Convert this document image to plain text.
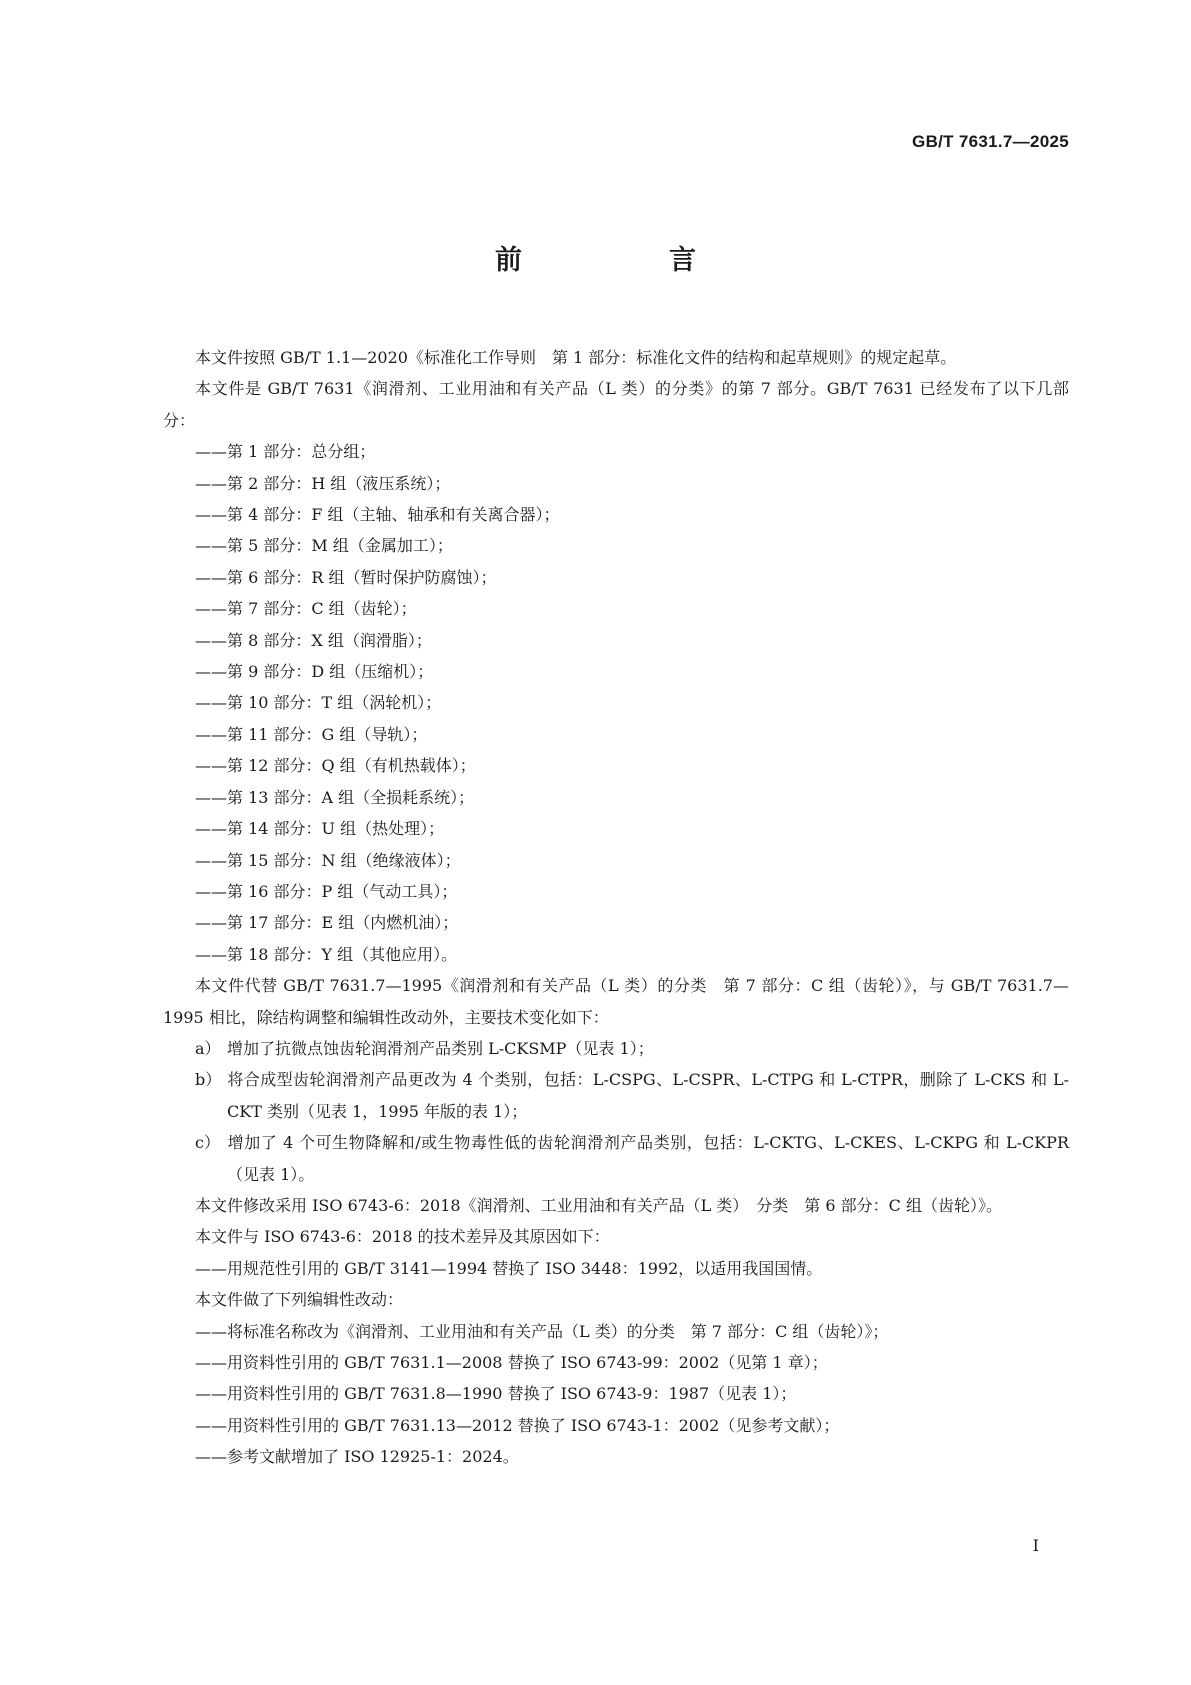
GB/T 7631.7—2025
前　言

本文件按照 GB/T 1.1—2020《标准化工作导则　第 1 部分：标准化文件的结构和起草规则》的规定起草。

本文件是 GB/T 7631《润滑剂、工业用油和有关产品（L 类）的分类》的第 7 部分。GB/T 7631 已经发布了以下几部分：

——第 1 部分：总分组；

——第 2 部分：H 组（液压系统）；

——第 4 部分：F 组（主轴、轴承和有关离合器）；

——第 5 部分：M 组（金属加工）；

——第 6 部分：R 组（暂时保护防腐蚀）；

——第 7 部分：C 组（齿轮）；

——第 8 部分：X 组（润滑脂）；

——第 9 部分：D 组（压缩机）；

——第 10 部分：T 组（涡轮机）；

——第 11 部分：G 组（导轨）；

——第 12 部分：Q 组（有机热载体）；

——第 13 部分：A 组（全损耗系统）；

——第 14 部分：U 组（热处理）；

——第 15 部分：N 组（绝缘液体）；

——第 16 部分：P 组（气动工具）；

——第 17 部分：E 组（内燃机油）；

——第 18 部分：Y 组（其他应用）。

本文件代替 GB/T 7631.7—1995《润滑剂和有关产品（L 类）的分类　第 7 部分：C 组（齿轮）》，与 GB/T 7631.7—1995 相比，除结构调整和编辑性改动外，主要技术变化如下：

a） 增加了抗微点蚀齿轮润滑剂产品类别 L-CKSMP（见表 1）；

b） 将合成型齿轮润滑剂产品更改为 4 个类别，包括：L-CSPG、L-CSPR、L-CTPG 和 L-CTPR，删除了 L-CKS 和 L-CKT 类别（见表 1，1995 年版的表 1）；

c） 增加了 4 个可生物降解和/或生物毒性低的齿轮润滑剂产品类别，包括：L-CKTG、L-CKES、L-CKPG 和 L-CKPR（见表 1）。

本文件修改采用 ISO 6743-6：2018《润滑剂、工业用油和有关产品（L 类）　分类　第 6 部分：C 组（齿轮）》。

本文件与 ISO 6743-6：2018 的技术差异及其原因如下：

——用规范性引用的 GB/T 3141—1994 替换了 ISO 3448：1992，以适用我国国情。

本文件做了下列编辑性改动：

——将标准名称改为《润滑剂、工业用油和有关产品（L 类）的分类　第 7 部分：C 组（齿轮）》；

——用资料性引用的 GB/T 7631.1—2008 替换了 ISO 6743-99：2002（见第 1 章）；

——用资料性引用的 GB/T 7631.8—1990 替换了 ISO 6743-9：1987（见表 1）；

——用资料性引用的 GB/T 7631.13—2012 替换了 ISO 6743-1：2002（见参考文献）；

——参考文献增加了 ISO 12925-1：2024。

I
